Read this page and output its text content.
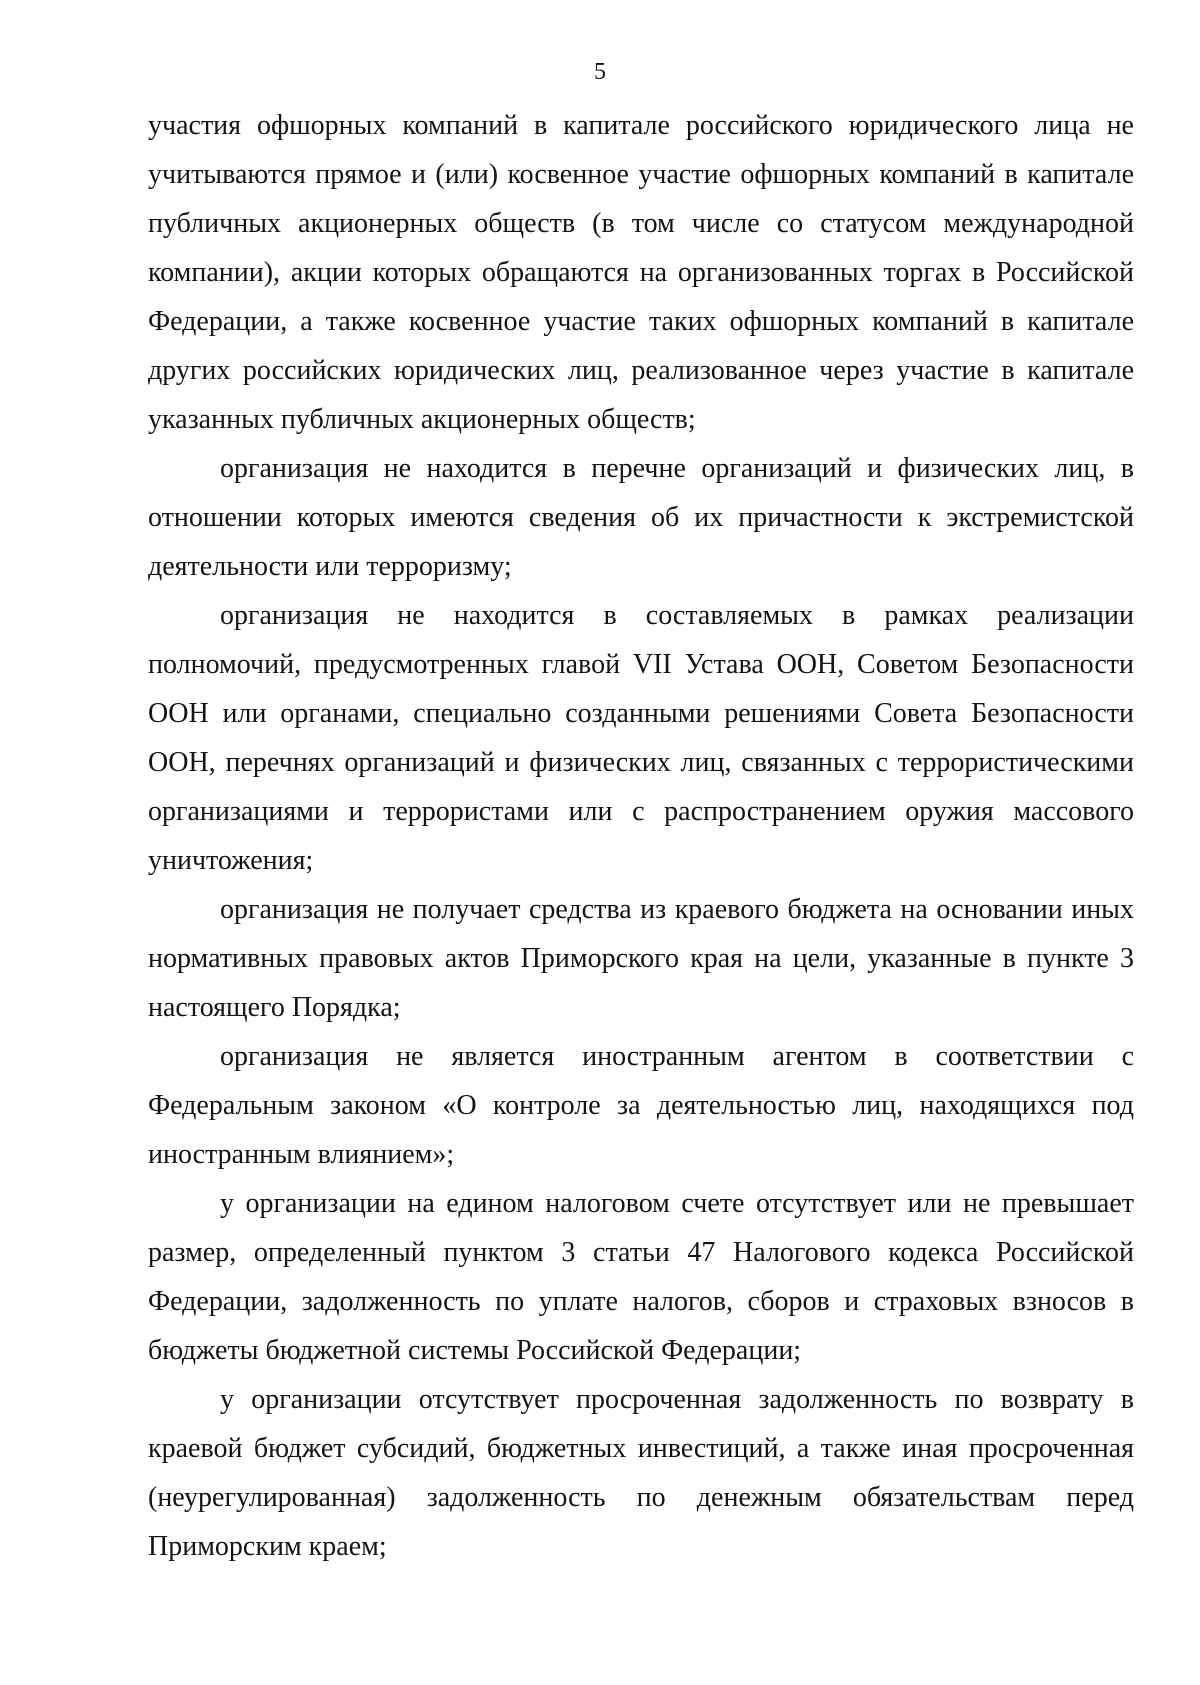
5

участия офшорных компаний в капитале российского юридического лица не учитываются прямое и (или) косвенное участие офшорных компаний в капитале публичных акционерных обществ (в том числе со статусом международной компании), акции которых обращаются на организованных торгах в Российской Федерации, а также косвенное участие таких офшорных компаний в капитале других российских юридических лиц, реализованное через участие в капитале указанных публичных акционерных обществ;

организация не находится в перечне организаций и физических лиц, в отношении которых имеются сведения об их причастности к экстремистской деятельности или терроризму;

организация не находится в составляемых в рамках реализации полномочий, предусмотренных главой VII Устава ООН, Советом Безопасности ООН или органами, специально созданными решениями Совета Безопасности ООН, перечнях организаций и физических лиц, связанных с террористическими организациями и террористами или с распространением оружия массового уничтожения;

организация не получает средства из краевого бюджета на основании иных нормативных правовых актов Приморского края на цели, указанные в пункте 3 настоящего Порядка;

организация не является иностранным агентом в соответствии с Федеральным законом «О контроле за деятельностью лиц, находящихся под иностранным влиянием»;

у организации на едином налоговом счете отсутствует или не превышает размер, определенный пунктом 3 статьи 47 Налогового кодекса Российской Федерации, задолженность по уплате налогов, сборов и страховых взносов в бюджеты бюджетной системы Российской Федерации;

у организации отсутствует просроченная задолженность по возврату в краевой бюджет субсидий, бюджетных инвестиций, а также иная просроченная (неурегулированная) задолженность по денежным обязательствам перед Приморским краем;
